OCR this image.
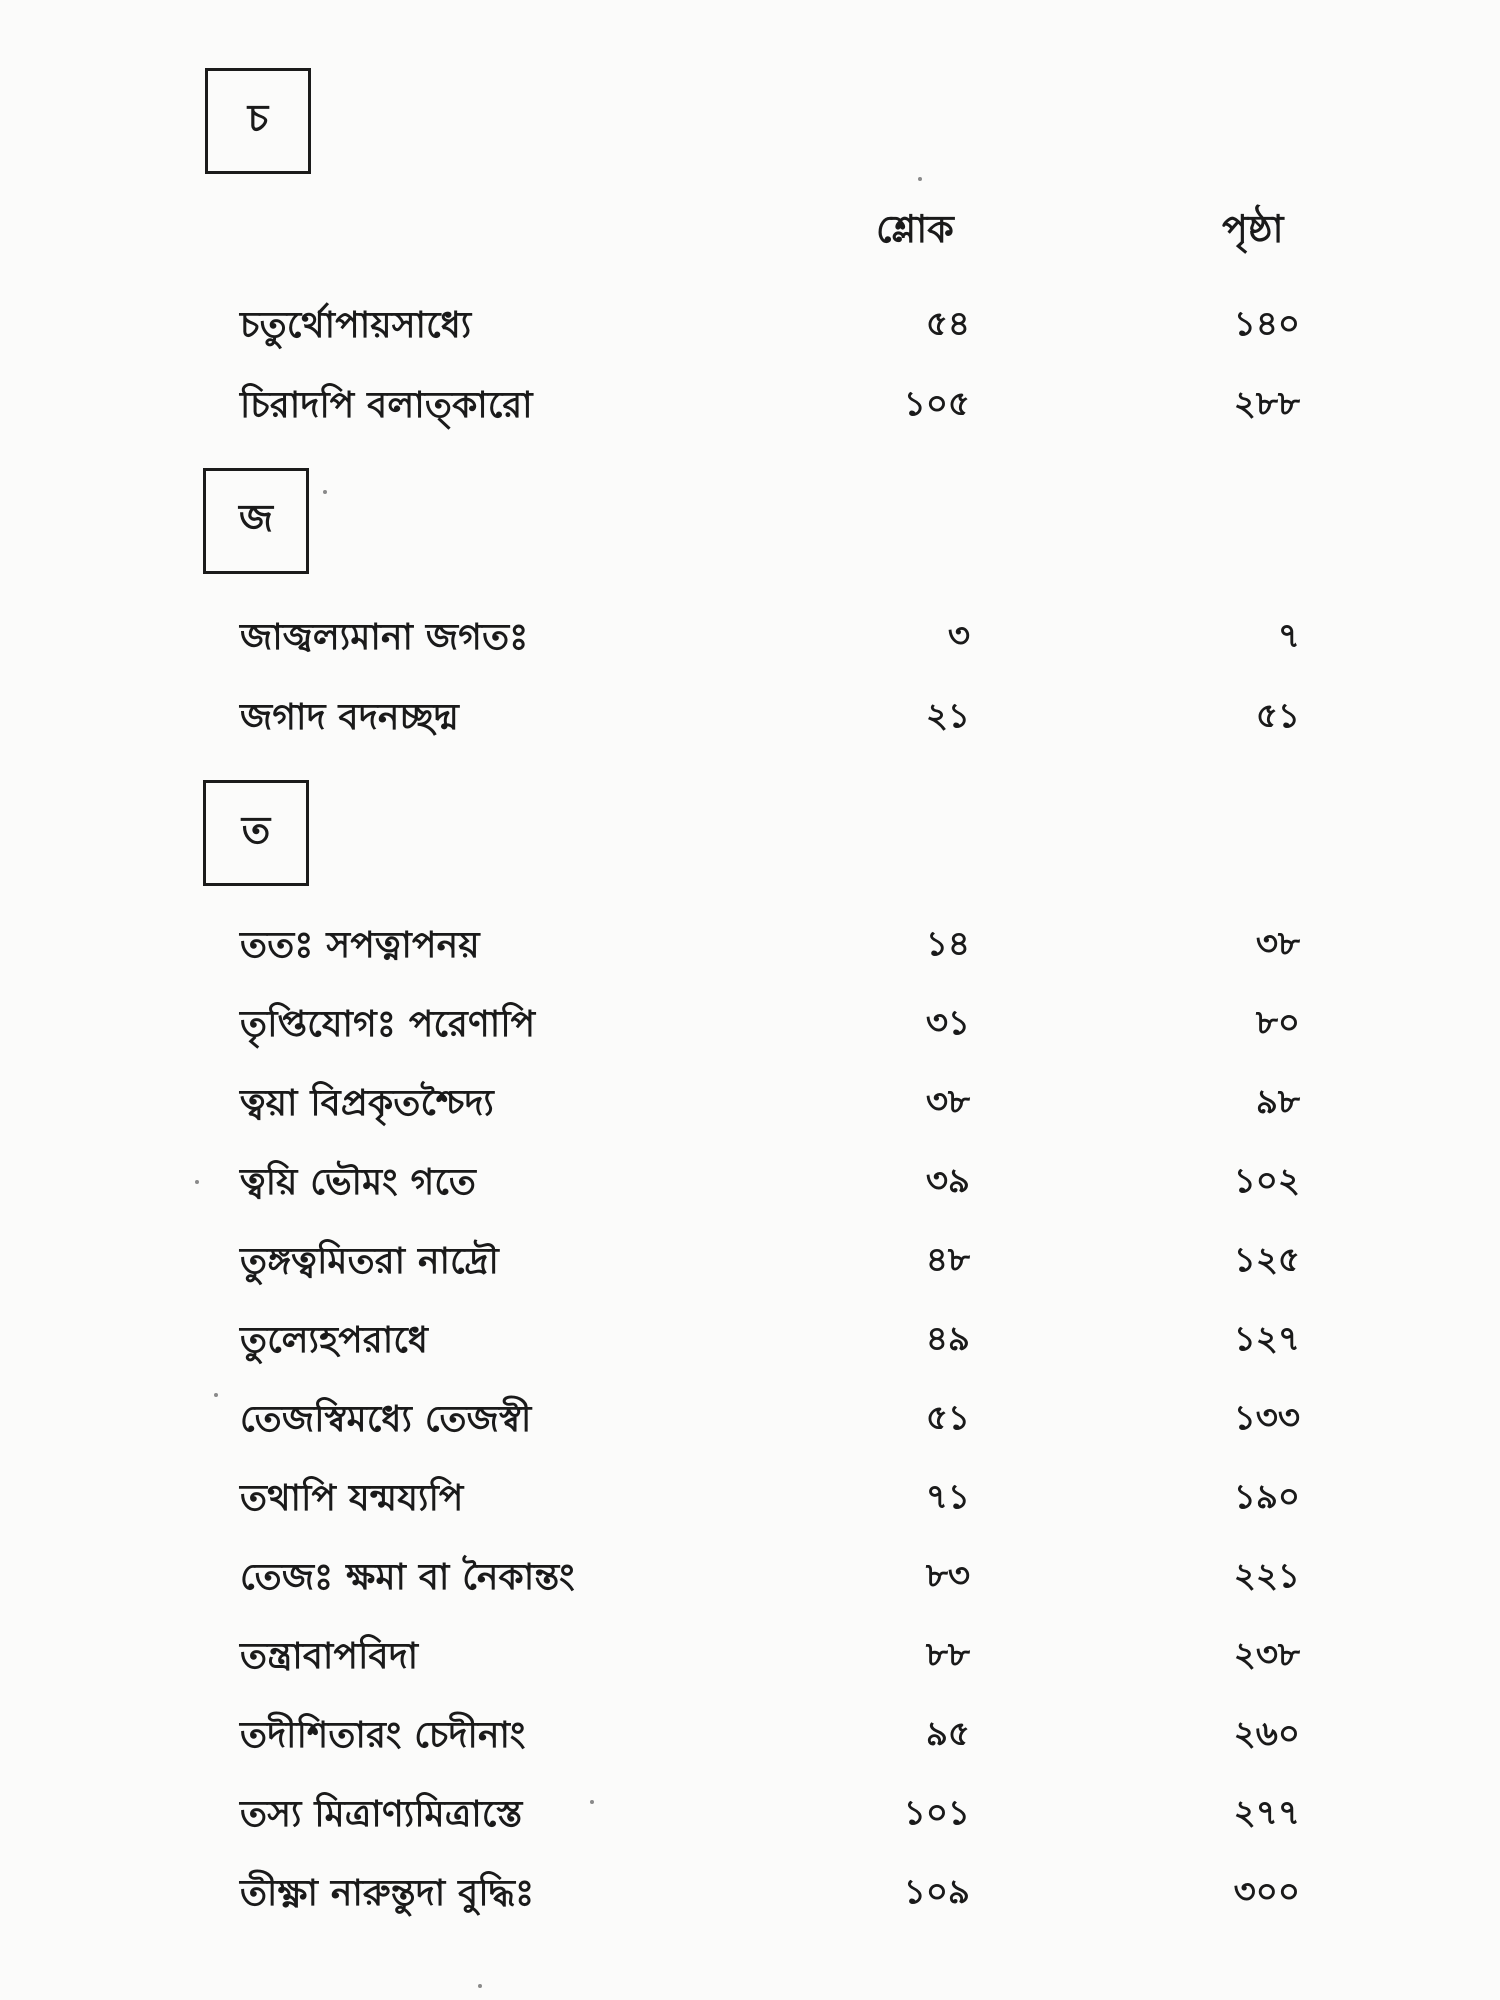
চ
শ্লোক	পৃষ্ঠা
চতুর্থোপায়সাধ্যে	৫৪	১৪০
চিরাদপি বলাত্কারো	১০৫	২৮৮
জ
জাজ্বল্যমানা জগতঃ	৩	৭
জগাদ বদনচ্ছদ্ম	২১	৫১
ত
ততঃ সপত্নাপনয়	১৪	৩৮
তৃপ্তিযোগঃ পরেণাপি	৩১	৮০
ত্বয়া বিপ্রকৃতশ্চৈদ্য	৩৮	৯৮
ত্বয়ি ভৌমং গতে	৩৯	১০২
তুঙ্গত্বমিতরা নাদ্রৌ	৪৮	১২৫
তুল্যেহপরাধে	৪৯	১২৭
তেজস্বিমধ্যে তেজস্বী	৫১	১৩৩
তথাপি যন্ময্যপি	৭১	১৯০
তেজঃ ক্ষমা বা নৈকান্তং	৮৩	২২১
তন্ত্রাবাপবিদা	৮৮	২৩৮
তদীশিতারং চেদীনাং	৯৫	২৬০
তস্য মিত্রাণ্যমিত্রাস্তে	১০১	২৭৭
তীক্ষ্ণা নারুন্তুদা বুদ্ধিঃ	১০৯	৩০০
